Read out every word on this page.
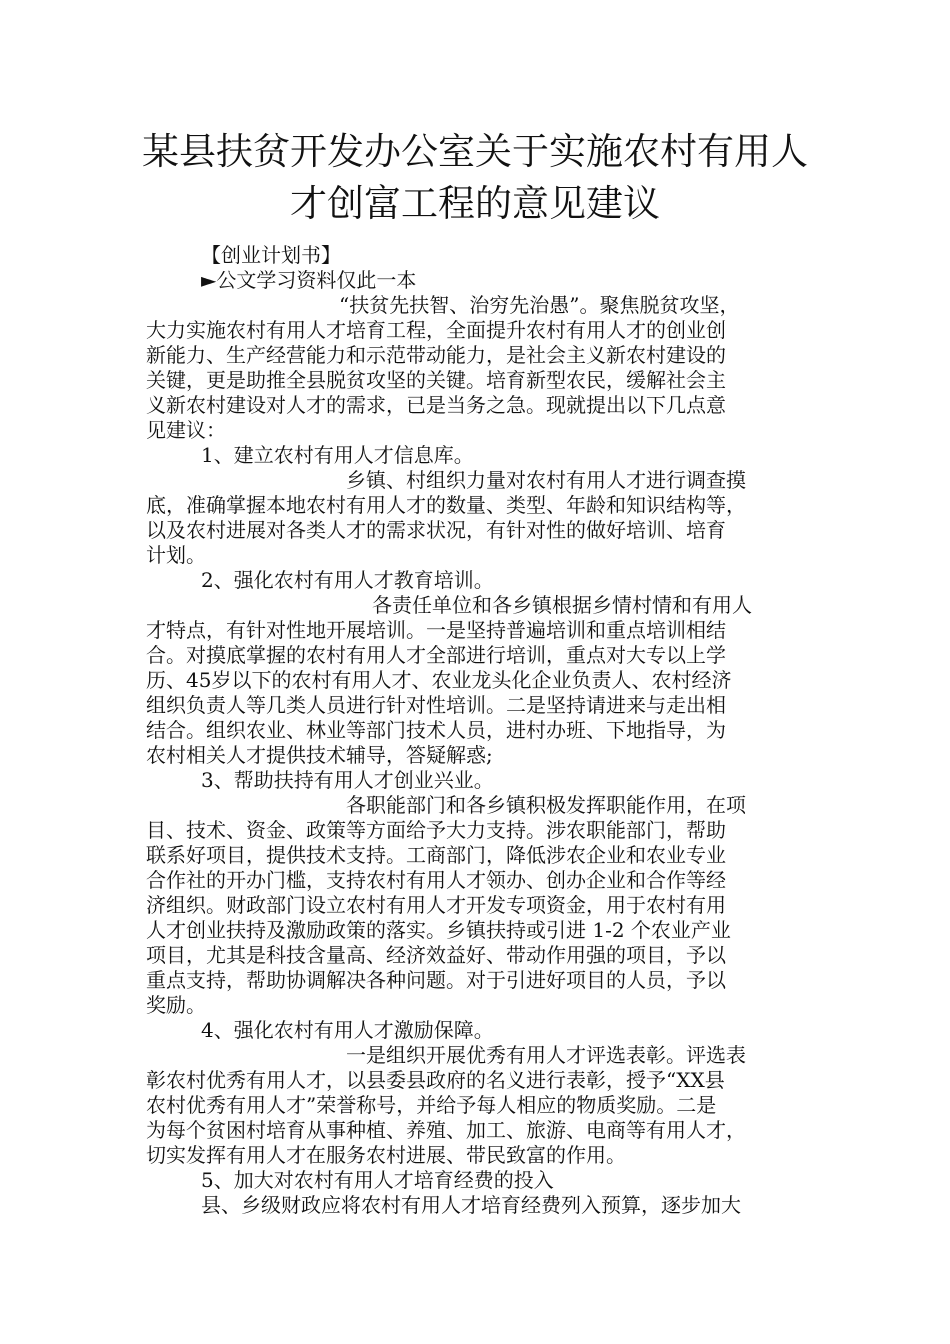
某县扶贫开发办公室关于实施农村有用人
才创富工程的意见建议
【创业计划书】
►公文学习资料仅此一本
“扶贫先扶智、治穷先治愚”。聚焦脱贫攻坚，
大力实施农村有用人才培育工程，全面提升农村有用人才的创业创
新能力、生产经营能力和示范带动能力，是社会主义新农村建设的
关键，更是助推全县脱贫攻坚的关键。培育新型农民，缓解社会主
义新农村建设对人才的需求，已是当务之急。现就提出以下几点意
见建议：
1、建立农村有用人才信息库。
乡镇、村组织力量对农村有用人才进行调查摸
底，准确掌握本地农村有用人才的数量、类型、年龄和知识结构等，
以及农村进展对各类人才的需求状况，有针对性的做好培训、培育
计划。
2、强化农村有用人才教育培训。
各责任单位和各乡镇根据乡情村情和有用人
才特点，有针对性地开展培训。一是坚持普遍培训和重点培训相结
合。对摸底掌握的农村有用人才全部进行培训，重点对大专以上学
历、45岁以下的农村有用人才、农业龙头化企业负责人、农村经济
组织负责人等几类人员进行针对性培训。二是坚持请进来与走出相
结合。组织农业、林业等部门技术人员，进村办班、下地指导，为
农村相关人才提供技术辅导，答疑解惑;
3、帮助扶持有用人才创业兴业。
各职能部门和各乡镇积极发挥职能作用，在项
目、技术、资金、政策等方面给予大力支持。涉农职能部门，帮助
联系好项目，提供技术支持。工商部门，降低涉农企业和农业专业
合作社的开办门槛，支持农村有用人才领办、创办企业和合作等经
济组织。财政部门设立农村有用人才开发专项资金，用于农村有用
人才创业扶持及激励政策的落实。乡镇扶持或引进 1-2 个农业产业
项目，尤其是科技含量高、经济效益好、带动作用强的项目，予以
重点支持，帮助协调解决各种问题。对于引进好项目的人员，予以
奖励。
4、强化农村有用人才激励保障。
一是组织开展优秀有用人才评选表彰。评选表
彰农村优秀有用人才，以县委县政府的名义进行表彰，授予“XX县
农村优秀有用人才”荣誉称号，并给予每人相应的物质奖励。二是
为每个贫困村培育从事种植、养殖、加工、旅游、电商等有用人才，
切实发挥有用人才在服务农村进展、带民致富的作用。
5、加大对农村有用人才培育经费的投入
县、乡级财政应将农村有用人才培育经费列入预算，逐步加大
